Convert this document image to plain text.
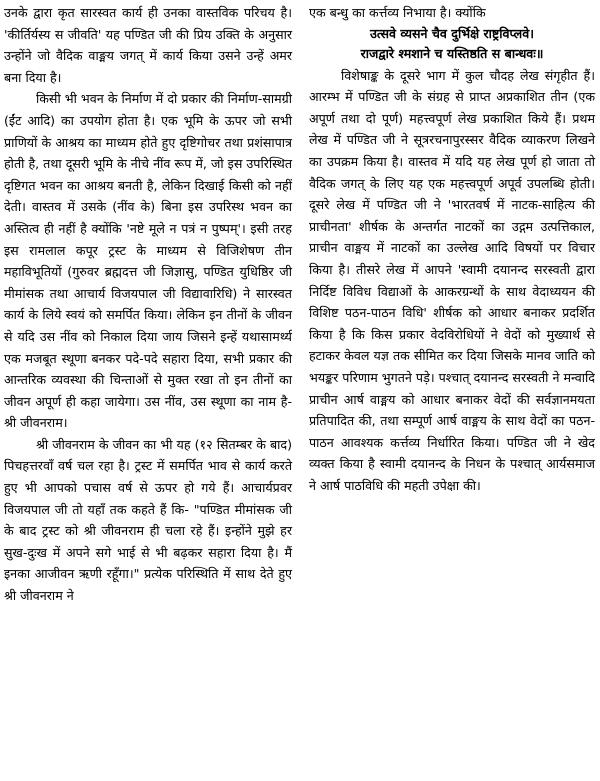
उनके द्वारा कृत सारस्वत कार्य ही उनका वास्तविक परिचय है। 'कीर्तिर्यस्य स जीवति' यह पण्डित जी की प्रिय उक्ति के अनुसार उन्होंने जो वैदिक वाङ्मय जगत् में कार्य किया उसने उन्हें अमर बना दिया है।

किसी भी भवन के निर्माण में दो प्रकार की निर्माण-सामग्री (ईंट आदि) का उपयोग होता है। एक भूमि के ऊपर जो सभी प्राणियों के आश्रय का माध्यम होते हुए दृष्टिगोचर तथा प्रशंसापात्र होती है, तथा दूसरी भूमि के नीचे नींव रूप में, जो इस उपरिस्थित दृष्टिगत भवन का आश्रय बनती है, लेकिन दिखाई किसी को नहीं देती। वास्तव में उसके (नींव के) बिना इस उपरिस्थ भवन का अस्तित्व ही नहीं है क्योंकि 'नष्टे मूले न पत्रं न पुष्पम्'। इसी तरह इस रामलाल कपूर ट्रस्ट के माध्यम से विजिशेषण तीन महाविभूतियों (गुरुवर ब्रह्मदत्त जी जिज्ञासु, पण्डित युधिष्ठिर जी मीमांसक तथा आचार्य विजयपाल जी विद्यावारिधि) ने सारस्वत कार्य के लिये स्वयं को समर्पित किया। लेकिन इन तीनों के जीवन से यदि उस नींव को निकाल दिया जाय जिसने इन्हें यथासामर्थ्य एक मजबूत स्थूणा बनकर पदे-पदे सहारा दिया, सभी प्रकार की आन्तरिक व्यवस्था की चिन्ताओं से मुक्त रखा तो इन तीनों का जीवन अपूर्ण ही कहा जायेगा। उस नींव, उस स्थूणा का नाम है- श्री जीवनराम।

श्री जीवनराम के जीवन का भी यह (१२ सितम्बर के बाद) पिचहत्तरवाँ वर्ष चल रहा है। ट्रस्ट में समर्पित भाव से कार्य करते हुए भी आपको पचास वर्ष से ऊपर हो गये हैं। आचार्यप्रवर विजयपाल जी तो यहाँ तक कहते हैं कि- "पण्डित मीमांसक जी के बाद ट्रस्ट को श्री जीवनराम ही चला रहे हैं। इन्होंने मुझे हर सुख-दुःख में अपने सगे भाई से भी बढ़कर सहारा दिया है। मैं इनका आजीवन ऋणी रहूँगा।" प्रत्येक परिस्थिति में साथ देते हुए श्री जीवनराम ने

एक बन्धु का कर्त्तव्य निभाया है। क्योंकि

उत्सवे व्यसने चैव दुर्भिक्षे राष्ट्रविप्लवे।

राजद्वारे श्मशाने च यस्तिष्ठति स बान्धवः॥

विशेषाङ्क के दूसरे भाग में कुल चौदह लेख संगृहीत हैं। आरम्भ में पण्डित जी के संग्रह से प्राप्त अप्रकाशित तीन (एक अपूर्ण तथा दो पूर्ण) महत्त्वपूर्ण लेख प्रकाशित किये हैं। प्रथम लेख में पण्डित जी ने सूत्ररचनापुरस्सर वैदिक व्याकरण लिखने का उपक्रम किया है। वास्तव में यदि यह लेख पूर्ण हो जाता तो वैदिक जगत् के लिए यह एक महत्त्वपूर्ण अपूर्व उपलब्धि होती। दूसरे लेख में पण्डित जी ने 'भारतवर्ष में नाटक-साहित्य की प्राचीनता' शीर्षक के अन्तर्गत नाटकों का उद्गम उत्पत्तिकाल, प्राचीन वाङ्मय में नाटकों का उल्लेख आदि विषयों पर विचार किया है। तीसरे लेख में आपने 'स्वामी दयानन्द सरस्वती द्वारा निर्दिष्ट विविध विद्याओं के आकरग्रन्थों के साथ वेदाध्ययन की विशिष्ट पठन-पाठन विधि' शीर्षक को आधार बनाकर प्रदर्शित किया है कि किस प्रकार वेदविरोधियों ने वेदों को मुख्यार्थ से हटाकर केवल यज्ञ तक सीमित कर दिया जिसके मानव जाति को भयङ्कर परिणाम भुगतने पड़े। पश्चात् दयानन्द सरस्वती ने मन्वादि प्राचीन आर्ष वाङ्मय को आधार बनाकर वेदों की सर्वज्ञानमयता प्रतिपादित की, तथा सम्पूर्ण आर्ष वाङ्मय के साथ वेदों का पठन-पाठन आवश्यक कर्त्तव्य निर्धारित किया। पण्डित जी ने खेद व्यक्त किया है स्वामी दयानन्द के निधन के पश्चात् आर्यसमाज ने आर्ष पाठविधि की महती उपेक्षा की।
